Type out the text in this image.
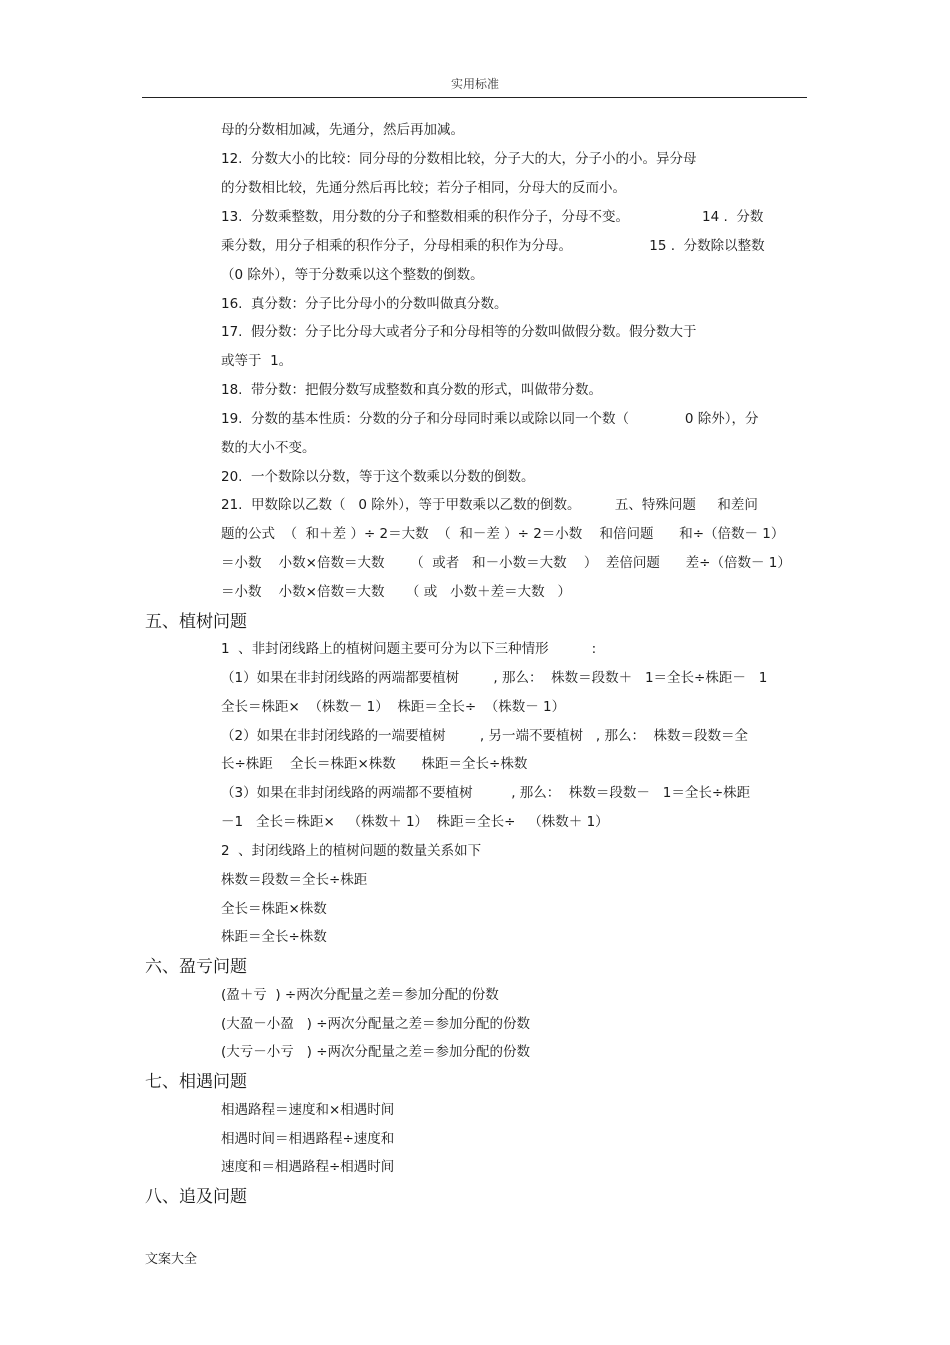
实用标准
母的分数相加减，先通分，然后再加减。
12.  分数大小的比较：同分母的分数相比较，分子大的大，分子小的小。异分母
的分数相比较，先通分然后再比较；若分子相同，分母大的反而小。
13.  分数乘整数，用分数的分子和整数相乘的积作分子，分母不变。                 14 .  分数
乘分数，用分子相乘的积作分子，分母相乘的积作为分母。                  15 .  分数除以整数
（0 除外），等于分数乘以这个整数的倒数。
16.  真分数：分子比分母小的分数叫做真分数。
17.  假分数：分子比分母大或者分子和分母相等的分数叫做假分数。假分数大于
或等于  1。
18.  带分数：把假分数写成整数和真分数的形式，叫做带分数。
19.  分数的基本性质：分数的分子和分母同时乘以或除以同一个数（             0 除外），分
数的大小不变。
20.  一个数除以分数，等于这个数乘以分数的倒数。
21.  甲数除以乙数（   0 除外），等于甲数乘以乙数的倒数。        五、特殊问题     和差问
题的公式  （  和＋差 ）÷ 2＝大数  （  和－差 ）÷ 2＝小数    和倍问题      和÷（倍数－ 1）
＝小数    小数×倍数＝大数      （  或者   和－小数＝大数    ）  差倍问题      差÷（倍数－ 1）
＝小数    小数×倍数＝大数     （ 或   小数＋差＝大数   ）
五、植树问题
1  、非封闭线路上的植树问题主要可分为以下三种情形          :
（1）如果在非封闭线路的两端都要植树        , 那么：  株数＝段数＋   1＝全长÷株距－   1
全长＝株距×  （株数－ 1）  株距＝全长÷  （株数－ 1）
（2）如果在非封闭线路的一端要植树        , 另一端不要植树   , 那么：  株数＝段数＝全
长÷株距    全长＝株距×株数      株距＝全长÷株数
（3）如果在非封闭线路的两端都不要植树         , 那么：  株数＝段数－   1＝全长÷株距
－1   全长＝株距×   （株数＋ 1）  株距＝全长÷   （株数＋ 1）
2  、封闭线路上的植树问题的数量关系如下
株数＝段数＝全长÷株距
全长＝株距×株数
株距＝全长÷株数
六、盈亏问题
(盈＋亏  ) ÷两次分配量之差＝参加分配的份数
(大盈－小盈   ) ÷两次分配量之差＝参加分配的份数
(大亏－小亏   ) ÷两次分配量之差＝参加分配的份数
七、相遇问题
相遇路程＝速度和×相遇时间
相遇时间＝相遇路程÷速度和
速度和＝相遇路程÷相遇时间
八、追及问题
文案大全
